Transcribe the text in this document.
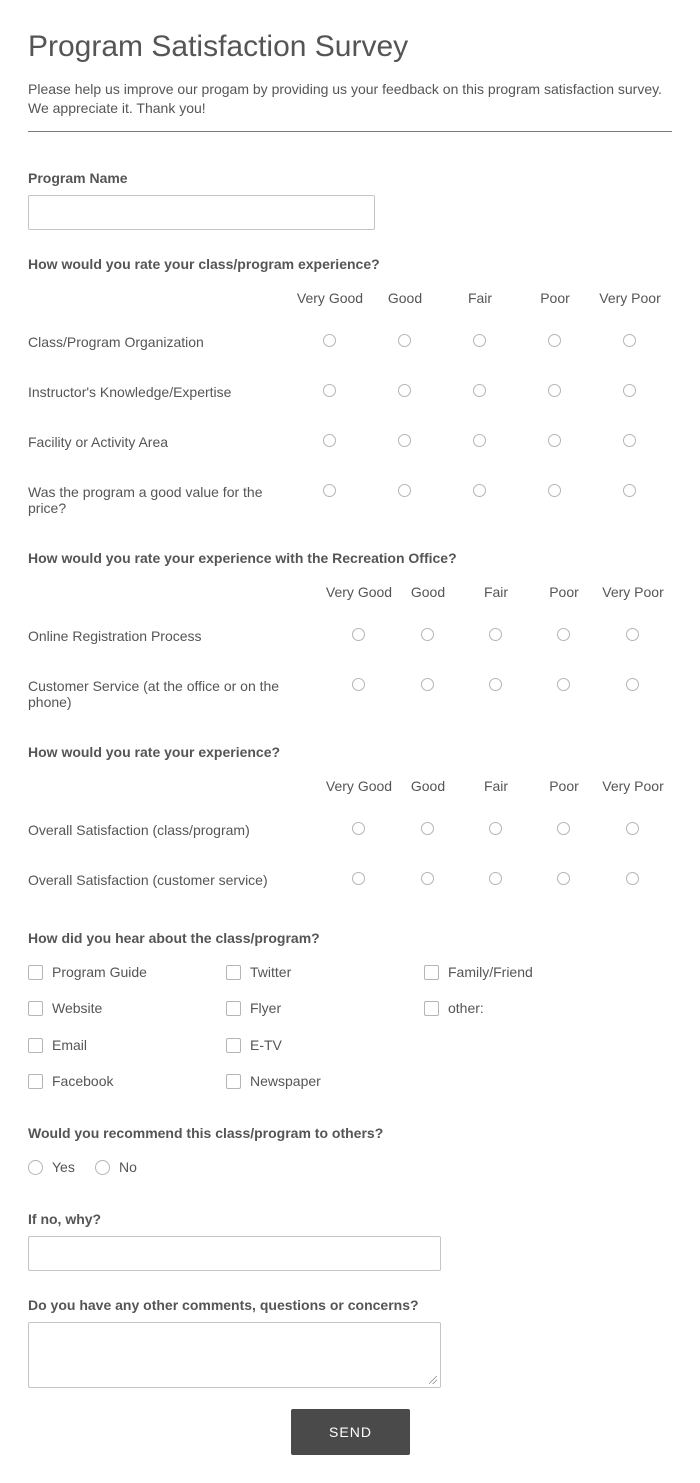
Program Satisfaction Survey
Please help us improve our progam by providing us your feedback on this program satisfaction survey. We appreciate it. Thank you!
Program Name
How would you rate your class/program experience?
Very Good	Good	Fair	Poor	Very Poor
Class/Program Organization
Instructor's Knowledge/Expertise
Facility or Activity Area
Was the program a good value for the price?
How would you rate your experience with the Recreation Office?
Very Good	Good	Fair	Poor	Very Poor
Online Registration Process
Customer Service (at the office or on the phone)
How would you rate your experience?
Very Good	Good	Fair	Poor	Very Poor
Overall Satisfaction (class/program)
Overall Satisfaction (customer service)
How did you hear about the class/program?
Program Guide	Twitter	Family/Friend
Website	Flyer	other:
Email	E-TV
Facebook	Newspaper
Would you recommend this class/program to others?
Yes	No
If no, why?
Do you have any other comments, questions or concerns?
SEND
